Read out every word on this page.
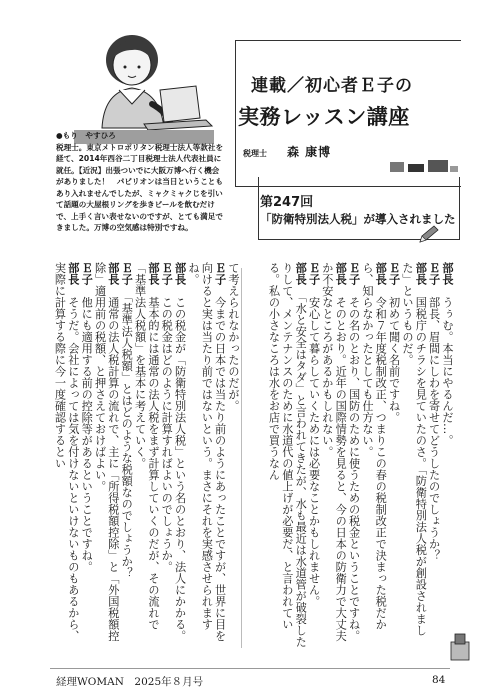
●もり　やすひろ
税理士。東京メトロポリタン税理士法人等款社を経て、2014年西谷二丁目税理士法人代表社員に就任。【近況】出張ついでに大阪万博へ行く機会がありました！　パビリオンは当日ということもあり入れませんでしたが、ミャクミャクじを引いて話題の大屋根リングを歩きビールを飲むだけで、上手く言い表せないのですが、とても満足できました。万博の空気感は特別ですね。
連載／初心者Ｅ子の
実務レッスン講座
税理士 森 康博
第247回
「防衛特別法人税」が導入されました

部長　うぅむ。本当にやるんだ…。

Ｅ子　部長、眉間にしわを寄せてどうしたのでしょうか？

部長　国税庁のチラシを見ていたのさ。「防衛特別法人税が創設されました」というものだ。

Ｅ子　初めて聞く名前ですね。

部長　令和７年度税制改正、つまりこの春の税制改正で決まった税だから、知らなかったとしても仕方ない。

Ｅ子　その名のとおり、国防のために使うための税金ということですね。

部長　そのとおり。近年の国際情勢を見ると、今の日本の防衛力で大丈夫か不安なところがあるかもしれない。

Ｅ子　安心して暮らしていくためには必要なことかもしれません。

部長　「水と安全はタダ」と言われてきたが、水も最近は水道管が破裂したりして、メンテナンスのために水道代の値上げが必要だ、と言われている。私の小さなころは水をお店で買うなん

て考えられなかったのだが。

Ｅ子　今までの日本では当たり前のようにあったことですが、世界に目を向けると実は当たり前ではないという。まさにそれを実感させられますね。

部長　この税金が「防衛特別法人税」という名のとおり、法人にかかる。

Ｅ子　この税金はどのように計算すればよいのでしょうか。

部長　基本的には通常の法人税をまず計算していくのだが、その流れで「基準法人税額」を基本に考えていく。

Ｅ子　「基準法人税額」とはどのような税額なのでしょうか？

部長　通常の法人税計算の流れで、主に「所得税額控除」と「外国税額控除」適用前の税額、と押さえておけばよい。

Ｅ子　他にも適用する前の控除等があるということですね。

部長　そうだ。会社によっては気を付けないといけないものもあるから、実際に計算する際に今一度確認するとい

経理WOMAN　2025年８月号	84
